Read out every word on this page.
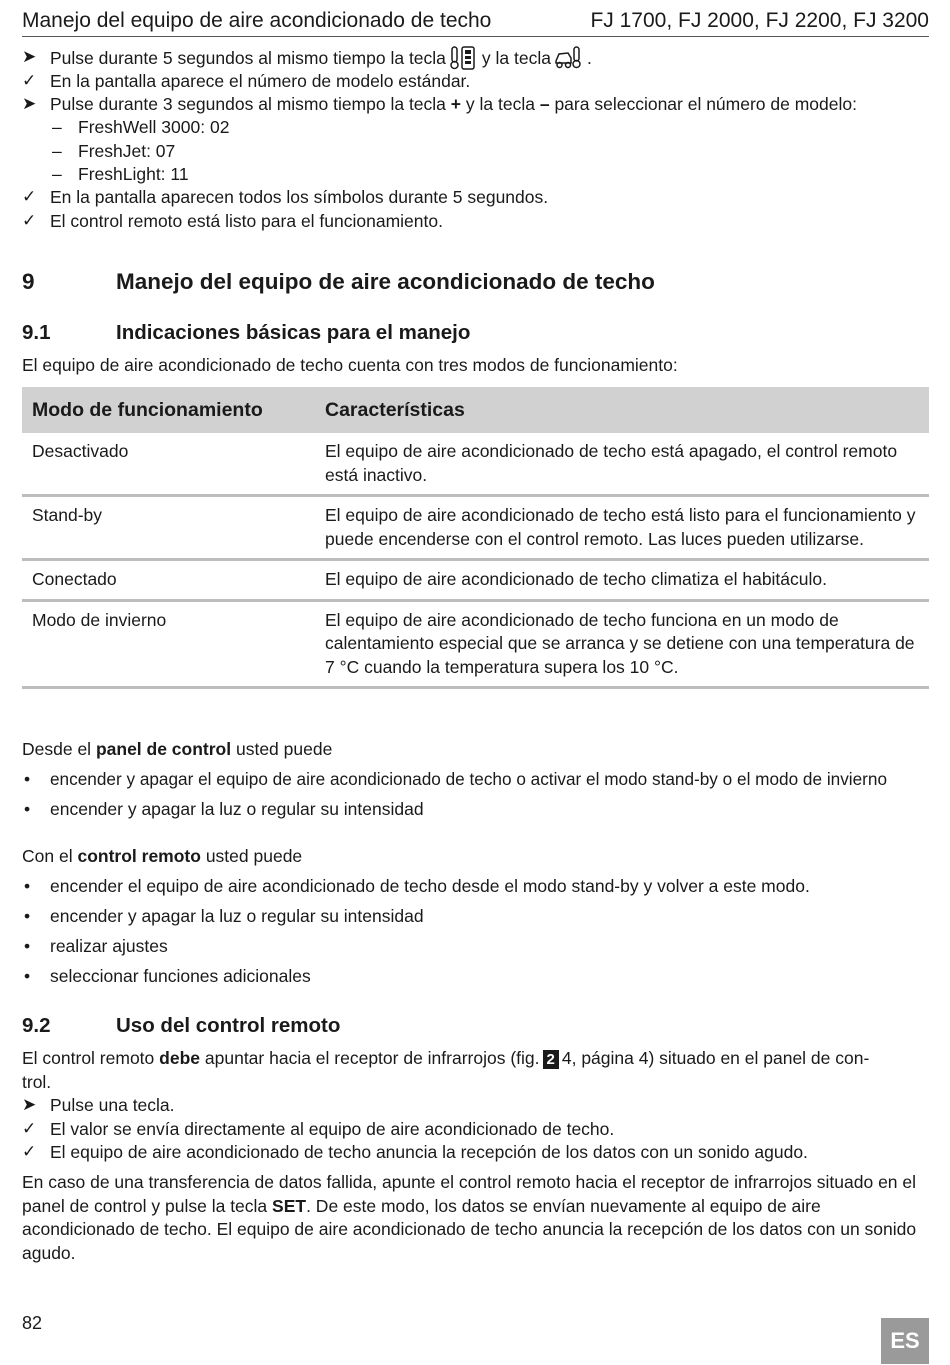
Manejo del equipo de aire acondicionado de techo	FJ 1700, FJ 2000, FJ 2200, FJ 3200
➤ Pulse durante 5 segundos al mismo tiempo la tecla y la tecla .
✓ En la pantalla aparece el número de modelo estándar.
➤ Pulse durante 3 segundos al mismo tiempo la tecla + y la tecla – para seleccionar el número de modelo:
– FreshWell 3000: 02
– FreshJet: 07
– FreshLight: 11
✓ En la pantalla aparecen todos los símbolos durante 5 segundos.
✓ El control remoto está listo para el funcionamiento.
9	Manejo del equipo de aire acondicionado de techo
9.1	Indicaciones básicas para el manejo
El equipo de aire acondicionado de techo cuenta con tres modos de funcionamiento:
Modo de funcionamiento	Características
Desactivado	El equipo de aire acondicionado de techo está apagado, el control remoto está inactivo.
Stand-by	El equipo de aire acondicionado de techo está listo para el funcionamiento y puede encenderse con el control remoto. Las luces pueden utilizarse.
Conectado	El equipo de aire acondicionado de techo climatiza el habitáculo.
Modo de invierno	El equipo de aire acondicionado de techo funciona en un modo de calentamiento especial que se arranca y se detiene con una temperatura de 7 °C cuando la temperatura supera los 10 °C.
Desde el panel de control usted puede
• encender y apagar el equipo de aire acondicionado de techo o activar el modo stand-by o el modo de invierno
• encender y apagar la luz o regular su intensidad
Con el control remoto usted puede
• encender el equipo de aire acondicionado de techo desde el modo stand-by y volver a este modo.
• encender y apagar la luz o regular su intensidad
• realizar ajustes
• seleccionar funciones adicionales
9.2	Uso del control remoto
El control remoto debe apuntar hacia el receptor de infrarrojos (fig. 2 4, página 4) situado en el panel de con-
trol.
➤ Pulse una tecla.
✓ El valor se envía directamente al equipo de aire acondicionado de techo.
✓ El equipo de aire acondicionado de techo anuncia la recepción de los datos con un sonido agudo.
En caso de una transferencia de datos fallida, apunte el control remoto hacia el receptor de infrarrojos situado en el panel de control y pulse la tecla SET. De este modo, los datos se envían nuevamente al equipo de aire acondicionado de techo. El equipo de aire acondicionado de techo anuncia la recepción de los datos con un sonido agudo.
82
ES
